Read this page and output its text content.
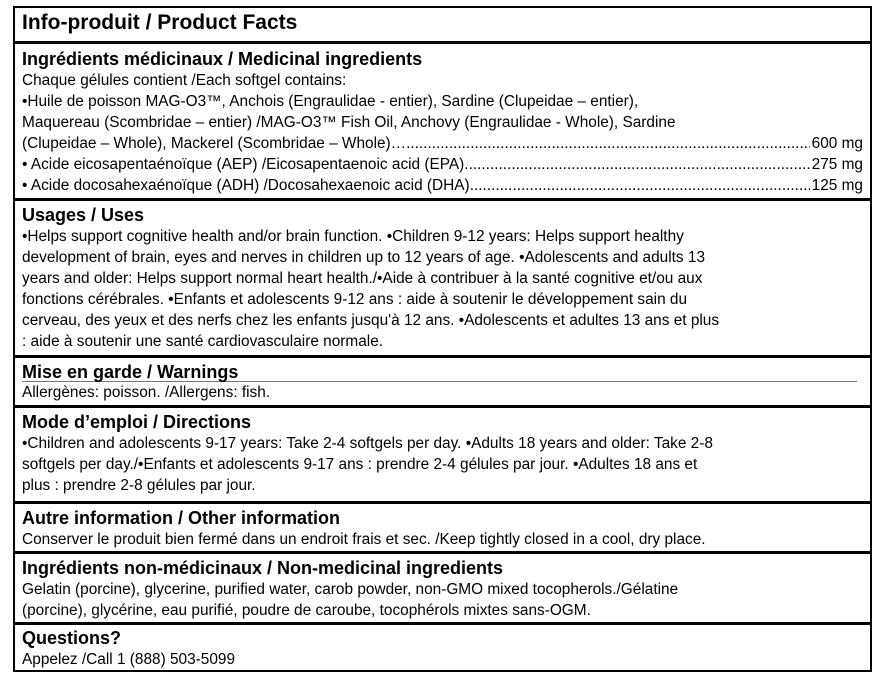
Info-produit / Product Facts
Ingrédients médicinaux / Medicinal ingredients
Chaque gélules contient /Each softgel contains:
•Huile de poisson MAG-O3™, Anchois (Engraulidae - entier), Sardine (Clupeidae – entier),
Maquereau (Scombridae – entier) /MAG-O3™ Fish Oil, Anchovy (Engraulidae - Whole), Sardine
(Clupeidae – Whole), Mackerel (Scombridae – Whole)… .....	600 mg
• Acide eicosapentaénoïque (AEP) /Eicosapentaenoic acid (EPA) .....	275 mg
• Acide docosahexaénoïque (ADH) /Docosahexaenoic acid (DHA) .....	125 mg
Usages / Uses
•Helps support cognitive health and/or brain function. •Children 9-12 years: Helps support healthy
development of brain, eyes and nerves in children up to 12 years of age. •Adolescents and adults 13
years and older: Helps support normal heart health./•Aide à contribuer à la santé cognitive et/ou aux
fonctions cérébrales. •Enfants et adolescents 9-12 ans : aide à soutenir le développement sain du
cerveau, des yeux et des nerfs chez les enfants jusqu'à 12 ans. •Adolescents et adultes 13 ans et plus
: aide à soutenir une santé cardiovasculaire normale.
Mise en garde / Warnings
Allergènes: poisson. /Allergens: fish.
Mode d’emploi / Directions
•Children and adolescents 9-17 years: Take 2-4 softgels per day. •Adults 18 years and older: Take 2-8
softgels per day./•Enfants et adolescents 9-17 ans : prendre 2-4 gélules par jour. •Adultes 18 ans et
plus : prendre 2-8 gélules par jour.
Autre information / Other information
Conserver le produit bien fermé dans un endroit frais et sec. /Keep tightly closed in a cool, dry place.
Ingrédients non-médicinaux / Non-medicinal ingredients
Gelatin (porcine), glycerine, purified water, carob powder, non-GMO mixed tocopherols./Gélatine
(porcine), glycérine, eau purifié, poudre de caroube, tocophérols mixtes sans-OGM.
Questions?
Appelez /Call 1 (888) 503-5099
